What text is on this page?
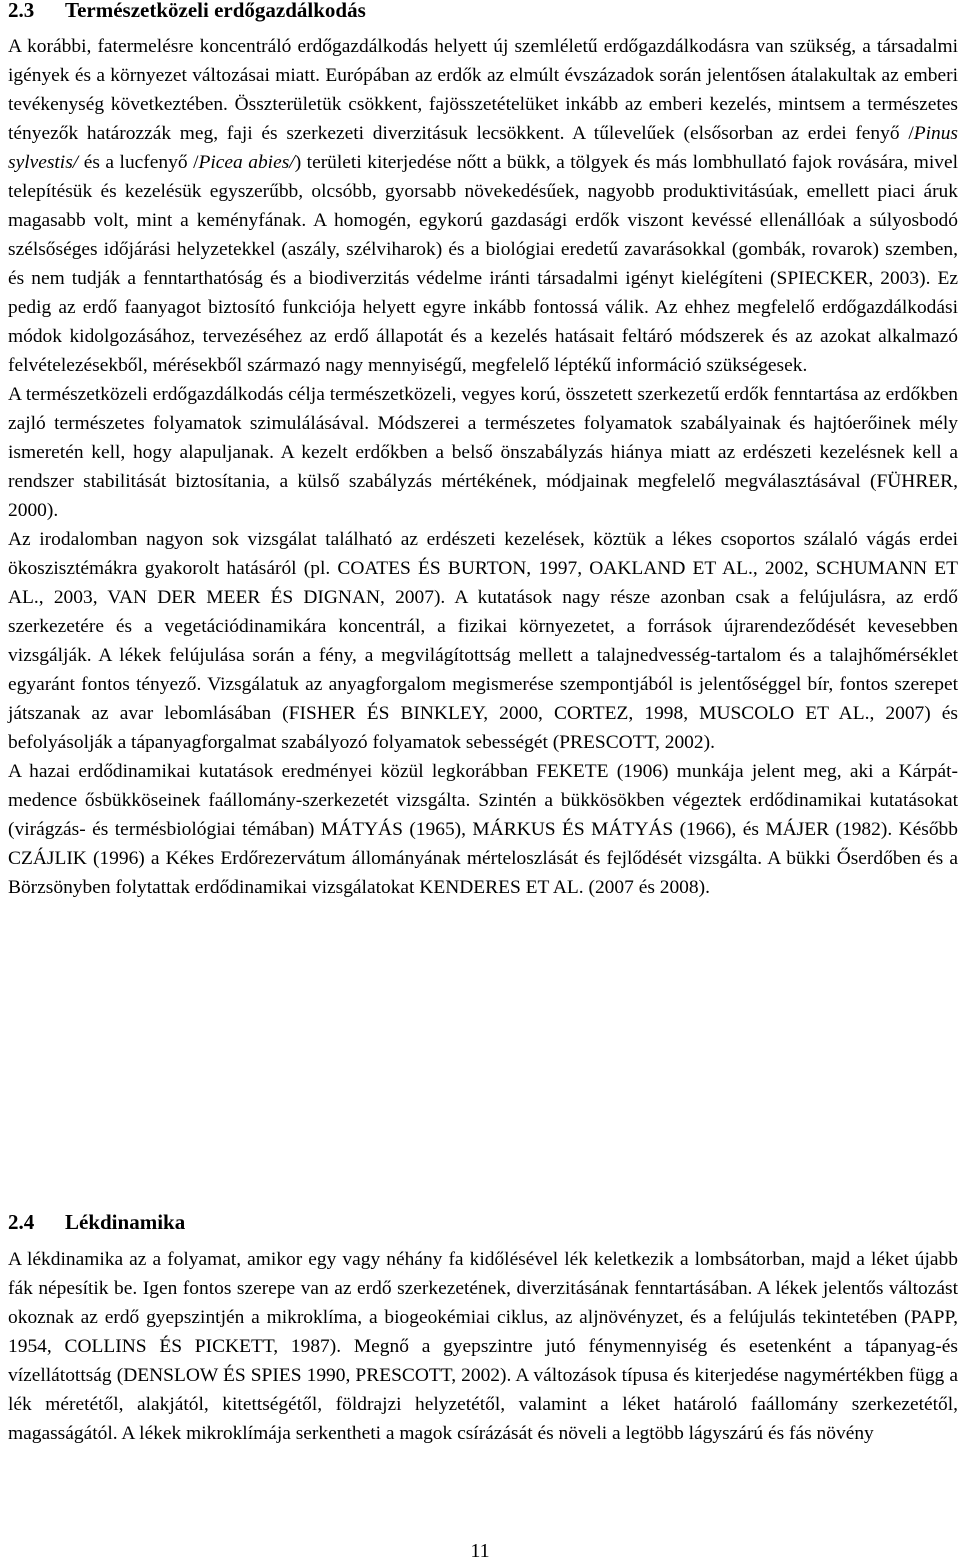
2.3 Természetközeli erdőgazdálkodás

A korábbi, fatermelésre koncentráló erdőgazdálkodás helyett új szemléletű erdőgazdálkodásra van szükség, a társadalmi igények és a környezet változásai miatt. Európában az erdők az elmúlt évszázadok során jelentősen átalakultak az emberi tevékenység következtében. Összterületük csökkent, fajösszetételüket inkább az emberi kezelés, mintsem a természetes tényezők határozzák meg, faji és szerkezeti diverzitásuk lecsökkent. A tűlevelűek (elsősorban az erdei fenyő /Pinus sylvestis/ és a lucfenyő /Picea abies/) területi kiterjedése nőtt a bükk, a tölgyek és más lombhullató fajok rovására, mivel telepítésük és kezelésük egyszerűbb, olcsóbb, gyorsabb növekedésűek, nagyobb produktivitásúak, emellett piaci áruk magasabb volt, mint a keményfának. A homogén, egykorú gazdasági erdők viszont kevéssé ellenállóak a súlyosbodó szélsőséges időjárási helyzetekkel (aszály, szélviharok) és a biológiai eredetű zavarásokkal (gombák, rovarok) szemben, és nem tudják a fenntarthatóság és a biodiverzitás védelme iránti társadalmi igényt kielégíteni (SPIECKER, 2003). Ez pedig az erdő faanyagot biztosító funkciója helyett egyre inkább fontossá válik. Az ehhez megfelelő erdőgazdálkodási módok kidolgozásához, tervezéséhez az erdő állapotát és a kezelés hatásait feltáró módszerek és az azokat alkalmazó felvételezésekből, mérésekből származó nagy mennyiségű, megfelelő léptékű információ szükségesek.

A természetközeli erdőgazdálkodás célja természetközeli, vegyes korú, összetett szerkezetű erdők fenntartása az erdőkben zajló természetes folyamatok szimulálásával. Módszerei a természetes folyamatok szabályainak és hajtóerőinek mély ismeretén kell, hogy alapuljanak. A kezelt erdőkben a belső önszabályzás hiánya miatt az erdészeti kezelésnek kell a rendszer stabilitását biztosítania, a külső szabályzás mértékének, módjainak megfelelő megválasztásával (FÜHRER, 2000).

Az irodalomban nagyon sok vizsgálat található az erdészeti kezelések, köztük a lékes csoportos szálaló vágás erdei ökoszisztémákra gyakorolt hatásáról (pl. COATES ÉS BURTON, 1997, OAKLAND ET AL., 2002, SCHUMANN ET AL., 2003, VAN DER MEER ÉS DIGNAN, 2007). A kutatások nagy része azonban csak a felújulásra, az erdő szerkezetére és a vegetációdinamikára koncentrál, a fizikai környezetet, a források újrarendeződését kevesebben vizsgálják. A lékek felújulása során a fény, a megvilágítottság mellett a talajnedvesség-tartalom és a talajhőmérséklet egyaránt fontos tényező. Vizsgálatuk az anyagforgalom megismerése szempontjából is jelentőséggel bír, fontos szerepet játszanak az avar lebomlásában (FISHER ÉS BINKLEY, 2000, CORTEZ, 1998, MUSCOLO ET AL., 2007) és befolyásolják a tápanyagforgalmat szabályozó folyamatok sebességét (PRESCOTT, 2002).

A hazai erdődinamikai kutatások eredményei közül legkorábban FEKETE (1906) munkája jelent meg, aki a Kárpát-medence ősbükköseinek faállomány-szerkezetét vizsgálta. Szintén a bükkösökben végeztek erdődinamikai kutatásokat (virágzás- és termésbiológiai témában) MÁTYÁS (1965), MÁRKUS ÉS MÁTYÁS (1966), és MÁJER (1982). Később CZÁJLIK (1996) a Kékes Erdőrezervátum állományának mérteloszlását és fejlődését vizsgálta. A bükki Őserdőben és a Börzsönyben folytattak erdődinamikai vizsgálatokat KENDERES ET AL. (2007 és 2008).

2.4 Lékdinamika

A lékdinamika az a folyamat, amikor egy vagy néhány fa kidőlésével lék keletkezik a lombsátorban, majd a léket újabb fák népesítik be. Igen fontos szerepe van az erdő szerkezetének, diverzitásának fenntartásában. A lékek jelentős változást okoznak az erdő gyepszintjén a mikroklíma, a biogeokémiai ciklus, az aljnövényzet, és a felújulás tekintetében (PAPP, 1954, COLLINS ÉS PICKETT, 1987). Megnő a gyepszintre jutó fénymennyiség és esetenként a tápanyag-és vízellátottság (DENSLOW ÉS SPIES 1990, PRESCOTT, 2002). A változások típusa és kiterjedése nagymértékben függ a lék méretétől, alakjától, kitettségétől, földrajzi helyzetétől, valamint a léket határoló faállomány szerkezetétől, magasságától. A lékek mikroklímája serkentheti a magok csírázását és növeli a legtöbb lágyszárú és fás növény

11
